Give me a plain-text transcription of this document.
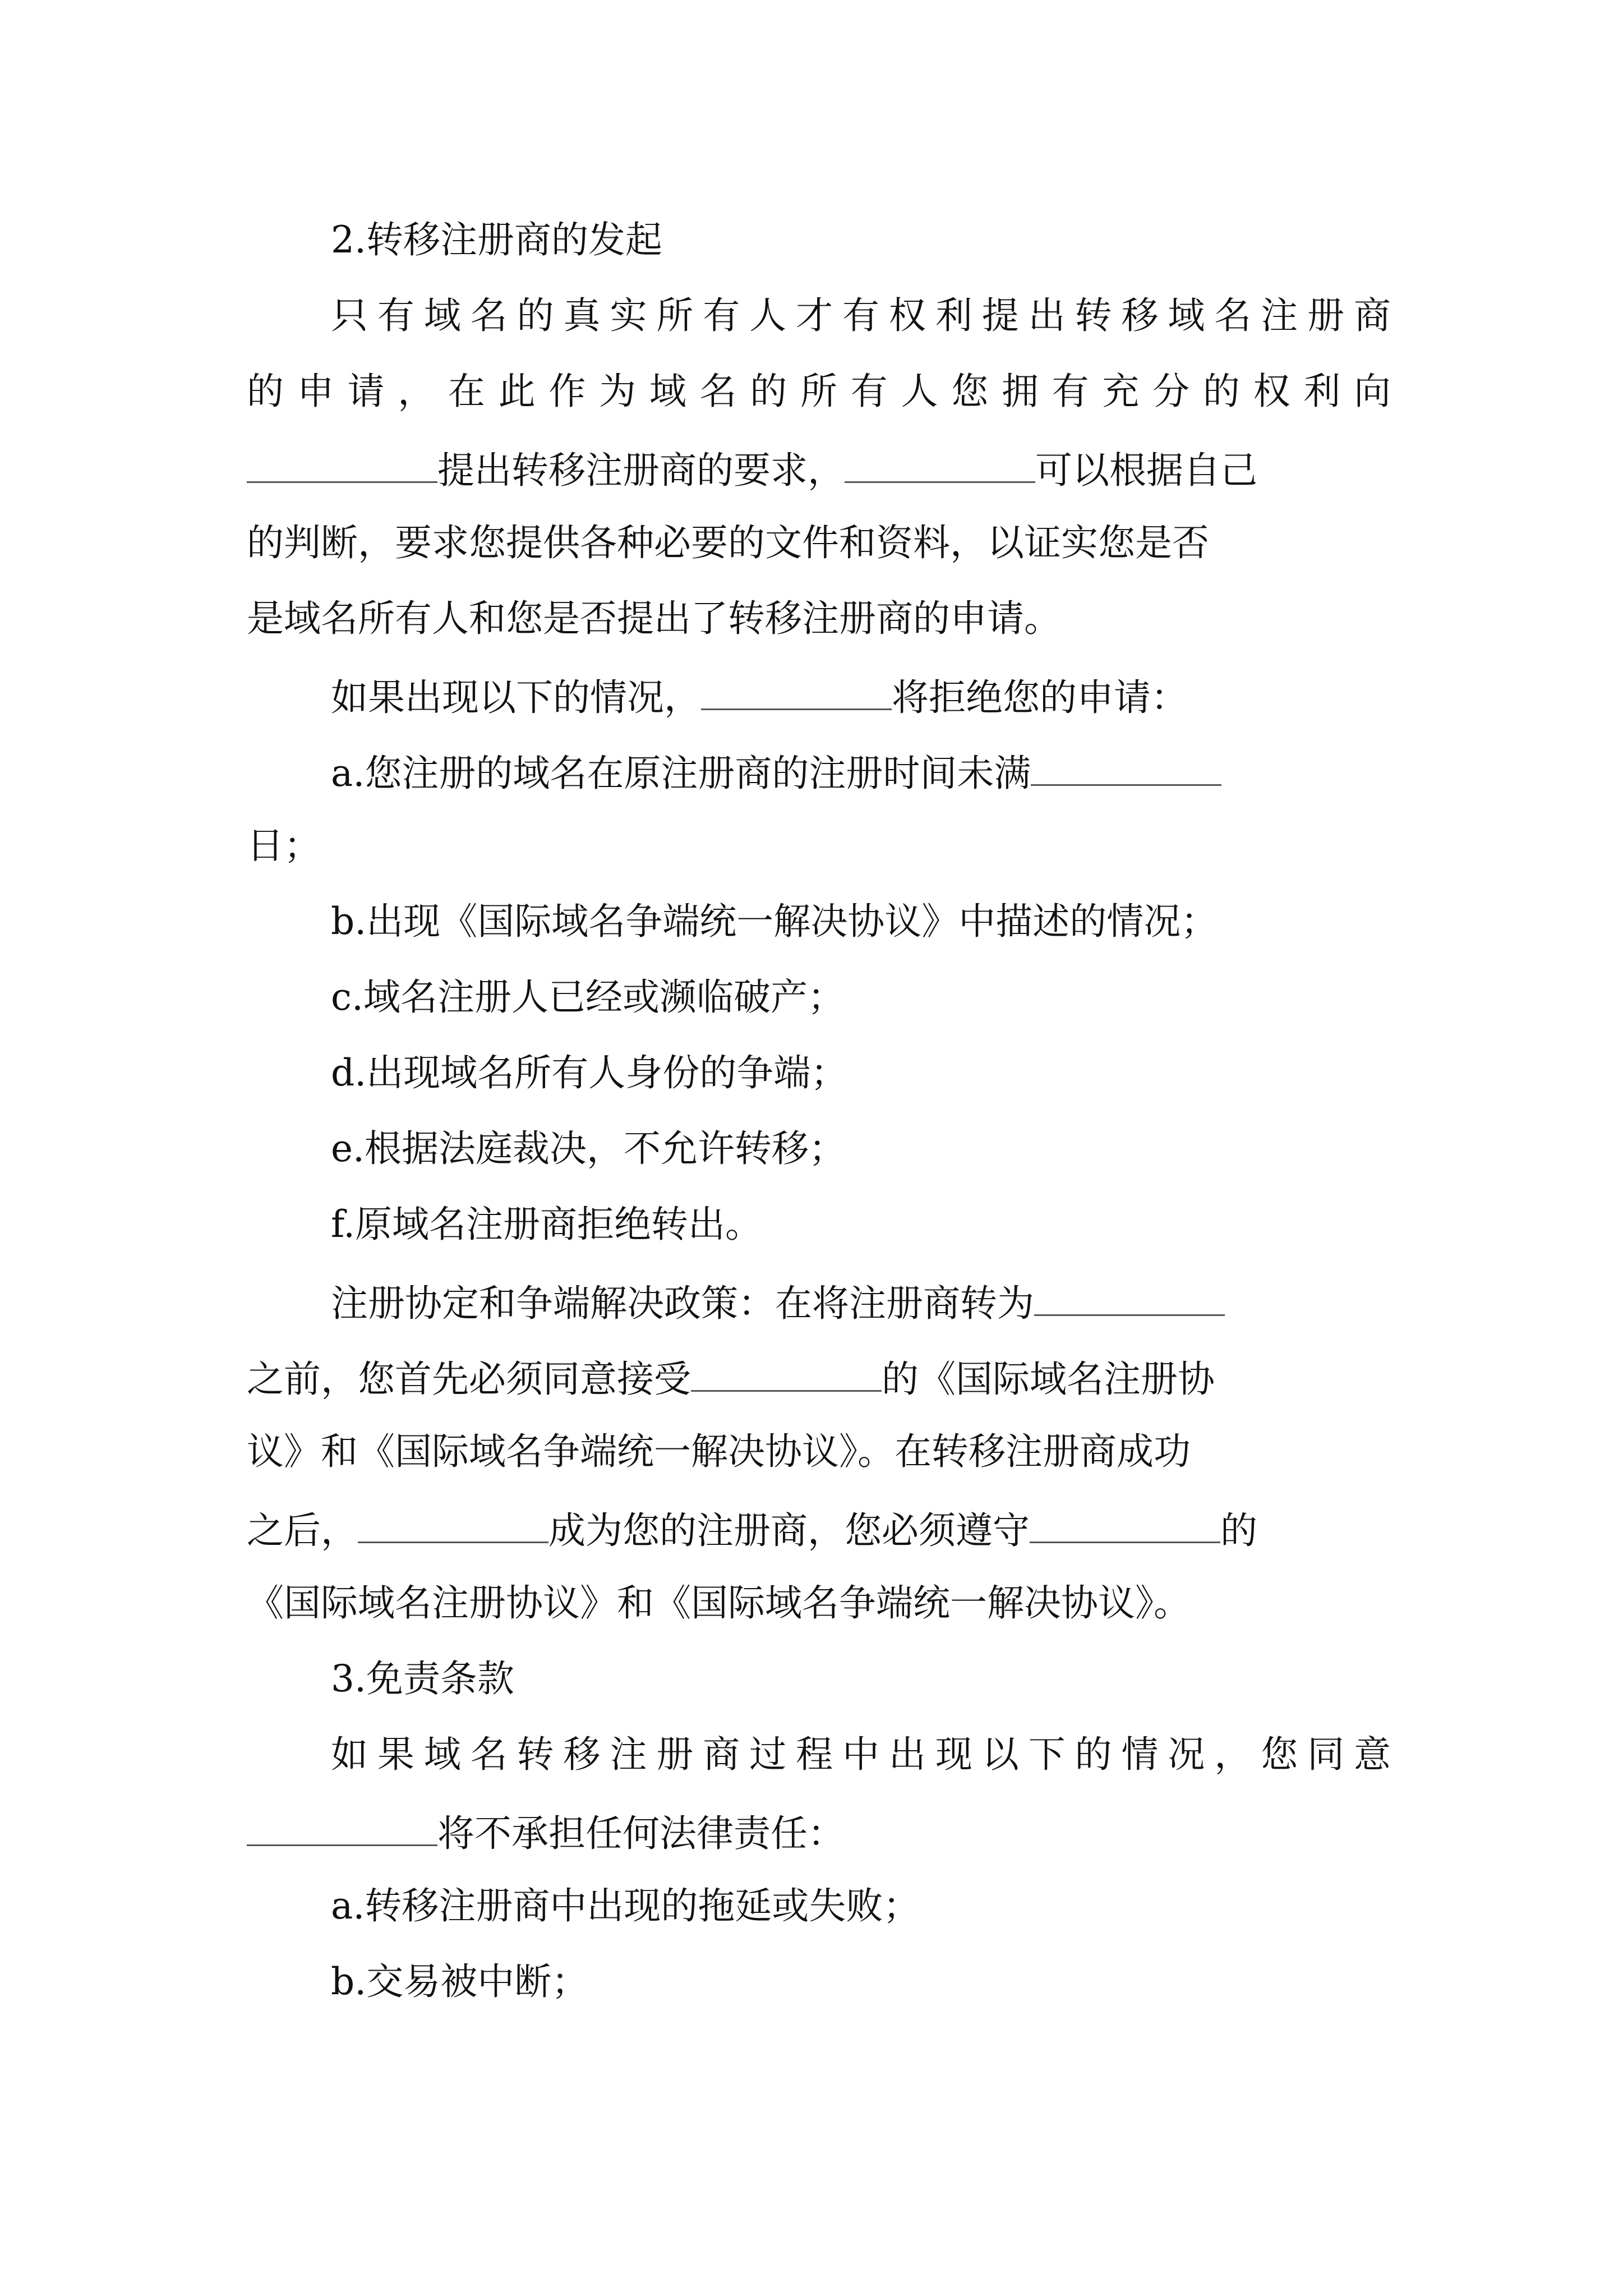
2.转移注册商的发起
只有域名的真实所有人才有权利提出转移域名注册商
的申请，在此作为域名的所有人您拥有充分的权利向
提出转移注册商的要求，	可以根据自己
的判断，要求您提供各种必要的文件和资料，以证实您是否
是域名所有人和您是否提出了转移注册商的申请。
如果出现以下的情况，	将拒绝您的申请：
a.您注册的域名在原注册商的注册时间未满
日；
b.出现《国际域名争端统一解决协议》中描述的情况；
c.域名注册人已经或濒临破产；
d.出现域名所有人身份的争端；
e.根据法庭裁决，不允许转移；
f.原域名注册商拒绝转出。
注册协定和争端解决政策：在将注册商转为
之前，您首先必须同意接受	的《国际域名注册协
议》和《国际域名争端统一解决协议》。在转移注册商成功
之后，	成为您的注册商，您必须遵守	的
《国际域名注册协议》和《国际域名争端统一解决协议》。
3.免责条款
如果域名转移注册商过程中出现以下的情况，您同意
将不承担任何法律责任：
a.转移注册商中出现的拖延或失败；
b.交易被中断；
